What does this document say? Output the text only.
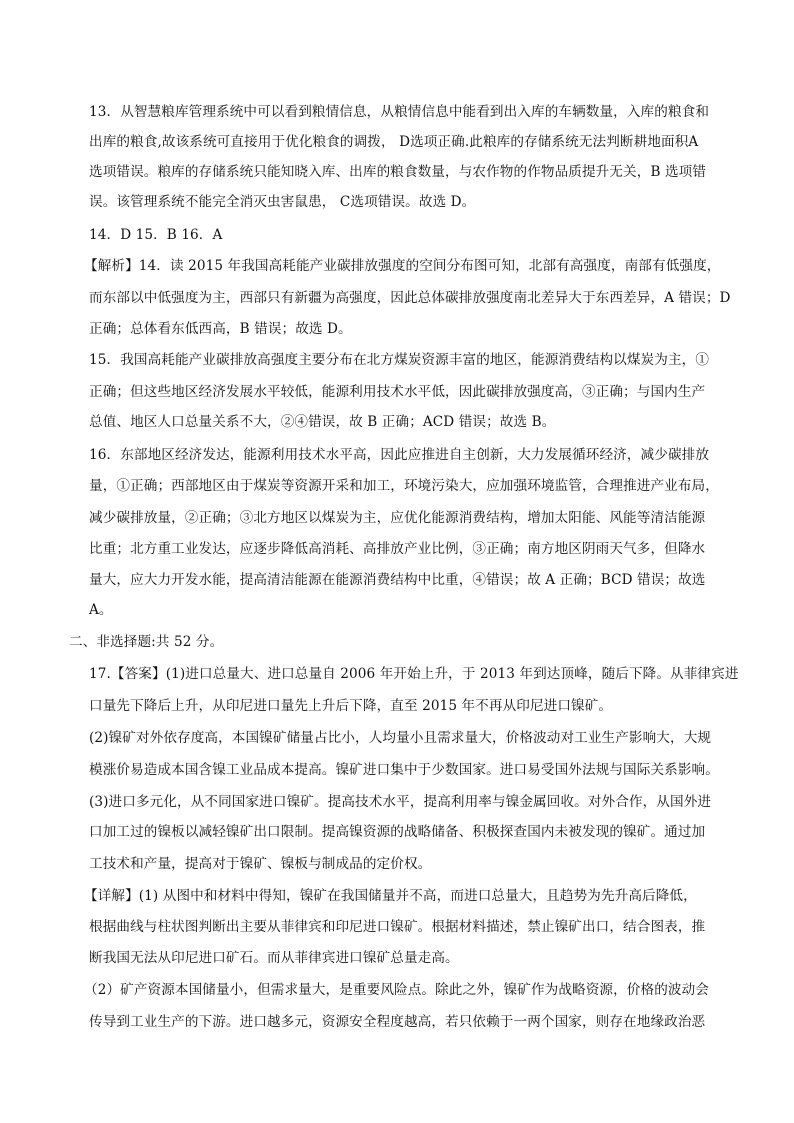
13．从智慧粮库管理系统中可以看到粮情信息，从粮情信息中能看到出入库的车辆数量，入库的粮食和
出库的粮食,故该系统可直接用于优化粮食的调拨， D选项正确.此粮库的存储系统无法判断耕地面积A
选项错误。粮库的存储系统只能知晓入库、出库的粮食数量，与农作物的作物品质提升无关，B 选项错
误。该管理系统不能完全消灭虫害鼠患， C选项错误。故选 D。
14．D 15．B 16．A
【解析】14．读 2015 年我国高耗能产业碳排放强度的空间分布图可知，北部有高强度，南部有低强度，
而东部以中低强度为主，西部只有新疆为高强度，因此总体碳排放强度南北差异大于东西差异，A 错误；D
正确；总体看东低西高，B 错误；故选 D。
15．我国高耗能产业碳排放高强度主要分布在北方煤炭资源丰富的地区，能源消费结构以煤炭为主，①
正确；但这些地区经济发展水平较低，能源利用技术水平低，因此碳排放强度高，③正确；与国内生产
总值、地区人口总量关系不大，②④错误，故 B 正确；ACD 错误；故选 B。
16．东部地区经济发达，能源利用技术水平高，因此应推进自主创新，大力发展循环经济，减少碳排放
量，①正确；西部地区由于煤炭等资源开采和加工，环境污染大，应加强环境监管，合理推进产业布局，
减少碳排放量，②正确；③北方地区以煤炭为主，应优化能源消费结构，增加太阳能、风能等清洁能源
比重；北方重工业发达，应逐步降低高消耗、高排放产业比例，③正确；南方地区阴雨天气多，但降水
量大，应大力开发水能，提高清洁能源在能源消费结构中比重，④错误；故 A 正确；BCD 错误；故选
A。
二、非选择题:共 52 分。
17.【答案】(1)进口总量大、进口总量自 2006 年开始上升，于 2013 年到达顶峰，随后下降。从菲律宾进
口量先下降后上升，从印尼进口量先上升后下降，直至 2015 年不再从印尼进口镍矿。
(2)镍矿对外依存度高，本国镍矿储量占比小，人均量小且需求量大，价格波动对工业生产影响大，大规
模涨价易造成本国含镍工业品成本提高。镍矿进口集中于少数国家。进口易受国外法规与国际关系影响。
(3)进口多元化，从不同国家进口镍矿。提高技术水平，提高利用率与镍金属回收。对外合作，从国外进
口加工过的镍板以减轻镍矿出口限制。提高镍资源的战略储备、积极探查国内未被发现的镍矿。通过加
工技术和产量，提高对于镍矿、镍板与制成品的定价权。
【详解】(1) 从图中和材料中得知，镍矿在我国储量并不高，而进口总量大，且趋势为先升高后降低，
根据曲线与柱状图判断出主要从菲律宾和印尼进口镍矿。根据材料描述，禁止镍矿出口，结合图表，推
断我国无法从印尼进口矿石。而从菲律宾进口镍矿总量走高。
（2）矿产资源本国储量小，但需求量大，是重要风险点。除此之外，镍矿作为战略资源，价格的波动会
传导到工业生产的下游。进口越多元，资源安全程度越高，若只依赖于一两个国家，则存在地缘政治恶
